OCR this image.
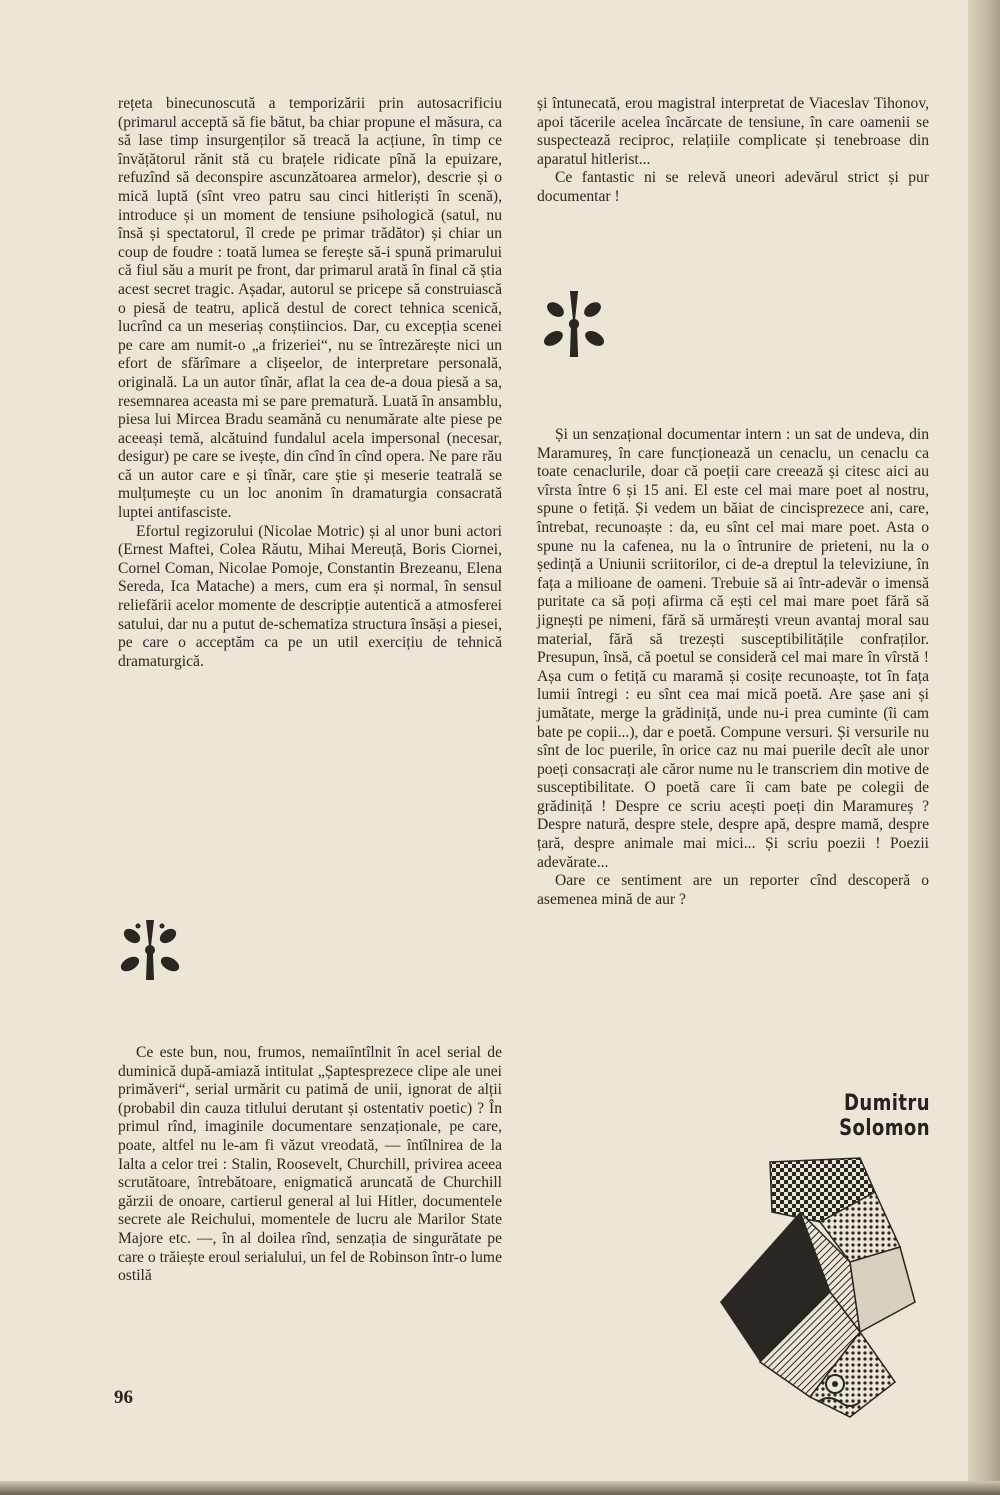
rețeta binecunoscută a temporizării prin autosacrificiu (primarul acceptă să fie bătut, ba chiar propune el măsura, ca să lase timp insurgenților să treacă la acțiune, în timp ce învățătorul rănit stă cu brațele ridicate pînă la epuizare, refuzînd să deconspire ascunzătoarea armelor), descrie și o mică luptă (sînt vreo patru sau cinci hitleriști în scenă), introduce și un moment de tensiune psihologică (satul, nu însă și spectatorul, îl crede pe primar trădător) și chiar un coup de foudre : toată lumea se ferește să-i spună primarului că fiul său a murit pe front, dar primarul arată în final că știa acest secret tragic. Așadar, autorul se pricepe să construiască o piesă de teatru, aplică destul de corect tehnica scenică, lucrînd ca un meseriaș conștiincios. Dar, cu excepția scenei pe care am numit-o „a frizeriei“, nu se întrezărește nici un efort de sfărîmare a clișeelor, de interpretare personală, originală. La un autor tînăr, aflat la cea de-a doua piesă a sa, resemnarea aceasta mi se pare prematură. Luată în ansamblu, piesa lui Mircea Bradu seamănă cu nenumărate alte piese pe aceeași temă, alcătuind fundalul acela impersonal (necesar, desigur) pe care se ivește, din cînd în cînd opera. Ne pare rău că un autor care e și tînăr, care știe și meserie teatrală se mulțumește cu un loc anonim în dramaturgia consacrată luptei antifasciste.

Efortul regizorului (Nicolae Motric) și al unor buni actori (Ernest Maftei, Colea Răutu, Mihai Mereuță, Boris Ciornei, Cornel Coman, Nicolae Pomoje, Constantin Brezeanu, Elena Sereda, Ica Matache) a mers, cum era și normal, în sensul reliefării acelor momente de descripție autentică a atmosferei satului, dar nu a putut de-schematiza structura însăși a piesei, pe care o acceptăm ca pe un util exercițiu de tehnică dramaturgică.

Ce este bun, nou, frumos, nemaiîntîlnit în acel serial de duminică după-amiază intitulat „Șaptesprezece clipe ale unei primăveri“, serial urmărit cu patimă de unii, ignorat de alții (probabil din cauza titlului derutant și ostentativ poetic) ? În primul rînd, imaginile documentare senzaționale, pe care, poate, altfel nu le-am fi văzut vreodată, — întîlnirea de la Ialta a celor trei : Stalin, Roosevelt, Churchill, privirea aceea scrutătoare, întrebătoare, enigmatică aruncată de Churchill gărzii de onoare, cartierul general al lui Hitler, documentele secrete ale Reichului, momentele de lucru ale Marilor State Majore etc. —, în al doilea rînd, senzația de singurătate pe care o trăiește eroul serialului, un fel de Robinson într-o lume ostilă

și întunecată, erou magistral interpretat de Viaceslav Tihonov, apoi tăcerile acelea încărcate de tensiune, în care oamenii se suspectează reciproc, relațiile complicate și tenebroase din aparatul hitlerist...

Ce fantastic ni se relevă uneori adevărul strict și pur documentar !

Și un senzațional documentar intern : un sat de undeva, din Maramureș, în care funcționează un cenaclu, un cenaclu ca toate cenaclurile, doar că poeții care creează și citesc aici au vîrsta între 6 și 15 ani. El este cel mai mare poet al nostru, spune o fetiță. Și vedem un băiat de cincisprezece ani, care, întrebat, recunoaște : da, eu sînt cel mai mare poet. Asta o spune nu la cafenea, nu la o întrunire de prieteni, nu la o ședință a Uniunii scriitorilor, ci de-a dreptul la televiziune, în fața a milioane de oameni. Trebuie să ai într-adevăr o imensă puritate ca să poți afirma că ești cel mai mare poet fără să jignești pe nimeni, fără să urmărești vreun avantaj moral sau material, fără să trezești susceptibilitățile confraților. Presupun, însă, că poetul se consideră cel mai mare în vîrstă ! Așa cum o fetiță cu maramă și cosițe recunoaște, tot în fața lumii întregi : eu sînt cea mai mică poetă. Are șase ani și jumătate, merge la grădiniță, unde nu-i prea cuminte (îi cam bate pe copii...), dar e poetă. Compune versuri. Și versurile nu sînt de loc puerile, în orice caz nu mai puerile decît ale unor poeți consacrați ale căror nume nu le transcriem din motive de susceptibilitate. O poetă care îi cam bate pe colegii de grădiniță ! Despre ce scriu acești poeți din Maramureș ? Despre natură, despre stele, despre apă, despre mamă, despre țară, despre animale mai mici... Și scriu poezii ! Poezii adevărate...

Oare ce sentiment are un reporter cînd descoperă o asemenea mină de aur ?

Dumitru Solomon
96
